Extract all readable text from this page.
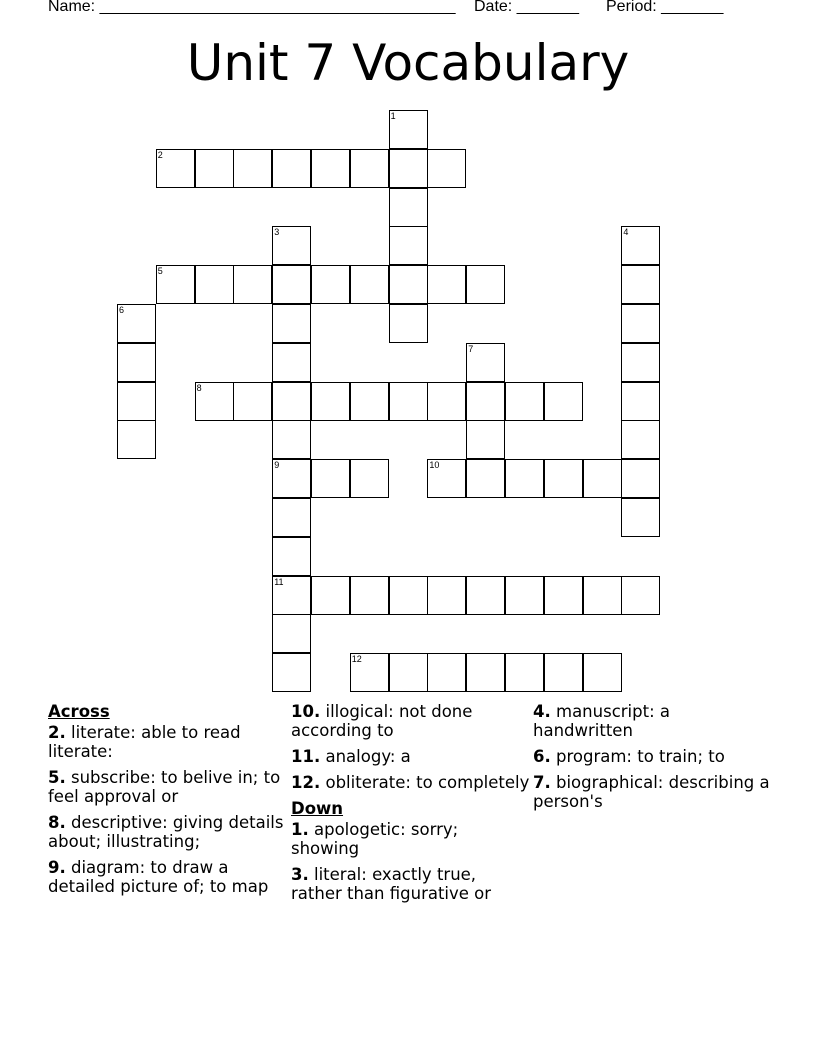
Name: ________________________________________ Date: _______ Period: _______
Unit 7 Vocabulary
1
2
3
9
11
4
5
6
7
8
10
12
Across
2. literate: able to read literate:
5. subscribe: to belive in; to feel approval or
8. descriptive: giving details about; illustrating;
9. diagram: to draw a detailed picture of; to map
10. illogical: not done according to
11. analogy: a
12. obliterate: to completely
Down
1. apologetic: sorry; showing
3. literal: exactly true, rather than figurative or
4. manuscript: a handwritten
6. program: to train; to
7. biographical: describing a person's
